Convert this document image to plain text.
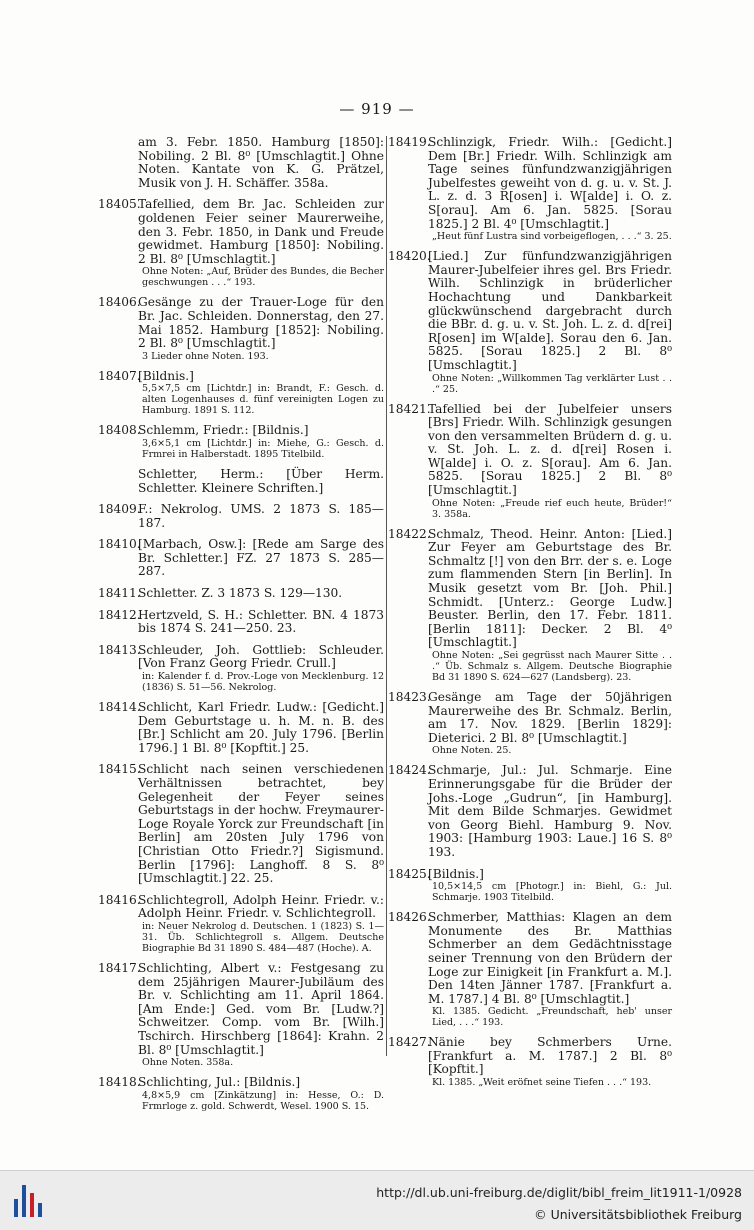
— 919 —
am 3. Febr. 1850. Hamburg [1850]: Nobiling. 2 Bl. 8⁰ [Umschlagtit.] Ohne Noten. Kantate von K. G. Prätzel, Musik von J. H. Schäffer. 358a.
18405.
Tafellied, dem Br. Jac. Schleiden zur goldenen Feier seiner Maurerweihe, den 3. Febr. 1850, in Dank und Freude gewidmet. Hamburg [1850]: Nobiling. 2 Bl. 8⁰ [Umschlagtit.]
Ohne Noten: „Auf, Brüder des Bundes, die Becher geschwungen . . .“ 193.
18406.
Gesänge zu der Trauer-Loge für den Br. Jac. Schleiden. Donnerstag, den 27. Mai 1852. Hamburg [1852]: Nobiling. 2 Bl. 8⁰ [Umschlagtit.]
3 Lieder ohne Noten. 193.
18407.
[Bildnis.]
5,5×7,5 cm [Lichtdr.] in: Brandt, F.: Gesch. d. alten Logenhauses d. fünf vereinigten Logen zu Hamburg. 1891 S. 112.
18408.
Schlemm, Friedr.: [Bildnis.]
3,6×5,1 cm [Lichtdr.] in: Miehe, G.: Gesch. d. Frmrei in Halberstadt. 1895 Titelbild.
Schletter, Herm.: [Über Herm. Schletter. Kleinere Schriften.]
18409.
F.: Nekrolog. UMS. 2 1873 S. 185—187.
18410.
[Marbach, Osw.]: [Rede am Sarge des Br. Schletter.] FZ. 27 1873 S. 285—287.
18411.
Schletter. Z. 3 1873 S. 129—130.
18412.
Hertzveld, S. H.: Schletter. BN. 4 1873 bis 1874 S. 241—250. 23.
18413.
Schleuder, Joh. Gottlieb: Schleuder. [Von Franz Georg Friedr. Crull.]
in: Kalender f. d. Prov.-Loge von Mecklenburg. 12 (1836) S. 51—56. Nekrolog.
18414.
Schlicht, Karl Friedr. Ludw.: [Gedicht.] Dem Geburtstage u. h. M. n. B. des [Br.] Schlicht am 20. July 1796. [Berlin 1796.] 1 Bl. 8⁰ [Kopftit.] 25.
18415.
Schlicht nach seinen verschiedenen Verhältnissen betrachtet, bey Gelegenheit der Feyer seines Geburtstags in der hochw. Freymaurer-Loge Royale Yorck zur Freundschaft [in Berlin] am 20sten July 1796 von [Christian Otto Friedr.?] Sigismund. Berlin [1796]: Langhoff. 8 S. 8⁰ [Umschlagtit.] 22. 25.
18416.
Schlichtegroll, Adolph Heinr. Friedr. v.: Adolph Heinr. Friedr. v. Schlichtegroll.
in: Neuer Nekrolog d. Deutschen. 1 (1823) S. 1—31. Üb. Schlichtegroll s. Allgem. Deutsche Biographie Bd 31 1890 S. 484—487 (Hoche). A.
18417.
Schlichting, Albert v.: Festgesang zu dem 25jährigen Maurer-Jubiläum des Br. v. Schlichting am 11. April 1864. [Am Ende:] Ged. vom Br. [Ludw.?] Schweitzer. Comp. vom Br. [Wilh.] Tschirch. Hirschberg [1864]: Krahn. 2 Bl. 8⁰ [Umschlagtit.]
Ohne Noten. 358a.
18418.
Schlichting, Jul.: [Bildnis.]
4,8×5,9 cm [Zinkätzung] in: Hesse, O.: D. Frmrloge z. gold. Schwerdt, Wesel. 1900 S. 15.
18419.
Schlinzigk, Friedr. Wilh.: [Gedicht.] Dem [Br.] Friedr. Wilh. Schlinzigk am Tage seines fünfundzwanzigjährigen Jubelfestes geweiht von d. g. u. v. St. J. L. z. d. 3 R[osen] i. W[alde] i. O. z. S[orau]. Am 6. Jan. 5825. [Sorau 1825.] 2 Bl. 4⁰ [Umschlagtit.]
„Heut fünf Lustra sind vorbeigeflogen, . . .“ 3. 25.
18420.
[Lied.] Zur fünfundzwanzigjährigen Maurer-Jubelfeier ihres gel. Brs Friedr. Wilh. Schlinzigk in brüderlicher Hochachtung und Dankbarkeit glückwünschend dargebracht durch die BBr. d. g. u. v. St. Joh. L. z. d. d[rei] R[osen] im W[alde]. Sorau den 6. Jan. 5825. [Sorau 1825.] 2 Bl. 8⁰ [Umschlagtit.]
Ohne Noten: „Willkommen Tag verklärter Lust . . .“ 25.
18421.
Tafellied bei der Jubelfeier unsers [Brs] Friedr. Wilh. Schlinzigk gesungen von den versammelten Brüdern d. g. u. v. St. Joh. L. z. d. d[rei] Rosen i. W[alde] i. O. z. S[orau]. Am 6. Jan. 5825. [Sorau 1825.] 2 Bl. 8⁰ [Umschlagtit.]
Ohne Noten: „Freude rief euch heute, Brüder!“ 3. 358a.
18422.
Schmalz, Theod. Heinr. Anton: [Lied.] Zur Feyer am Geburtstage des Br. Schmaltz [!] von den Brr. der s. e. Loge zum flammenden Stern [in Berlin]. In Musik gesetzt vom Br. [Joh. Phil.] Schmidt. [Unterz.: George Ludw.] Beuster. Berlin, den 17. Febr. 1811. [Berlin 1811]: Decker. 2 Bl. 4⁰ [Umschlagtit.]
Ohne Noten: „Sei gegrüsst nach Maurer Sitte . . .“ Üb. Schmalz s. Allgem. Deutsche Biographie Bd 31 1890 S. 624—627 (Landsberg). 23.
18423.
Gesänge am Tage der 50jährigen Maurerweihe des Br. Schmalz. Berlin, am 17. Nov. 1829. [Berlin 1829]: Dieterici. 2 Bl. 8⁰ [Umschlagtit.]
Ohne Noten. 25.
18424.
Schmarje, Jul.: Jul. Schmarje. Eine Erinnerungsgabe für die Brüder der Johs.-Loge „Gudrun“, [in Hamburg]. Mit dem Bilde Schmarjes. Gewidmet von Georg Biehl. Hamburg 9. Nov. 1903: [Hamburg 1903: Laue.] 16 S. 8⁰ 193.
18425.
[Bildnis.]
10,5×14,5 cm [Photogr.] in: Biehl, G.: Jul. Schmarje. 1903 Titelbild.
18426.
Schmerber, Matthias: Klagen an dem Monumente des Br. Matthias Schmerber an dem Gedächtnisstage seiner Trennung von den Brüdern der Loge zur Einigkeit [in Frankfurt a. M.]. Den 14ten Jänner 1787. [Frankfurt a. M. 1787.] 4 Bl. 8⁰ [Umschlagtit.]
Kl. 1385. Gedicht. „Freundschaft, heb' unser Lied, . . .“ 193.
18427.
Nänie bey Schmerbers Urne. [Frankfurt a. M. 1787.] 2 Bl. 8⁰ [Kopftit.]
Kl. 1385. „Weit eröfnet seine Tiefen . . .“ 193.
http://dl.ub.uni-freiburg.de/diglit/bibl_freim_lit1911-1/0928
© Universitätsbibliothek Freiburg
